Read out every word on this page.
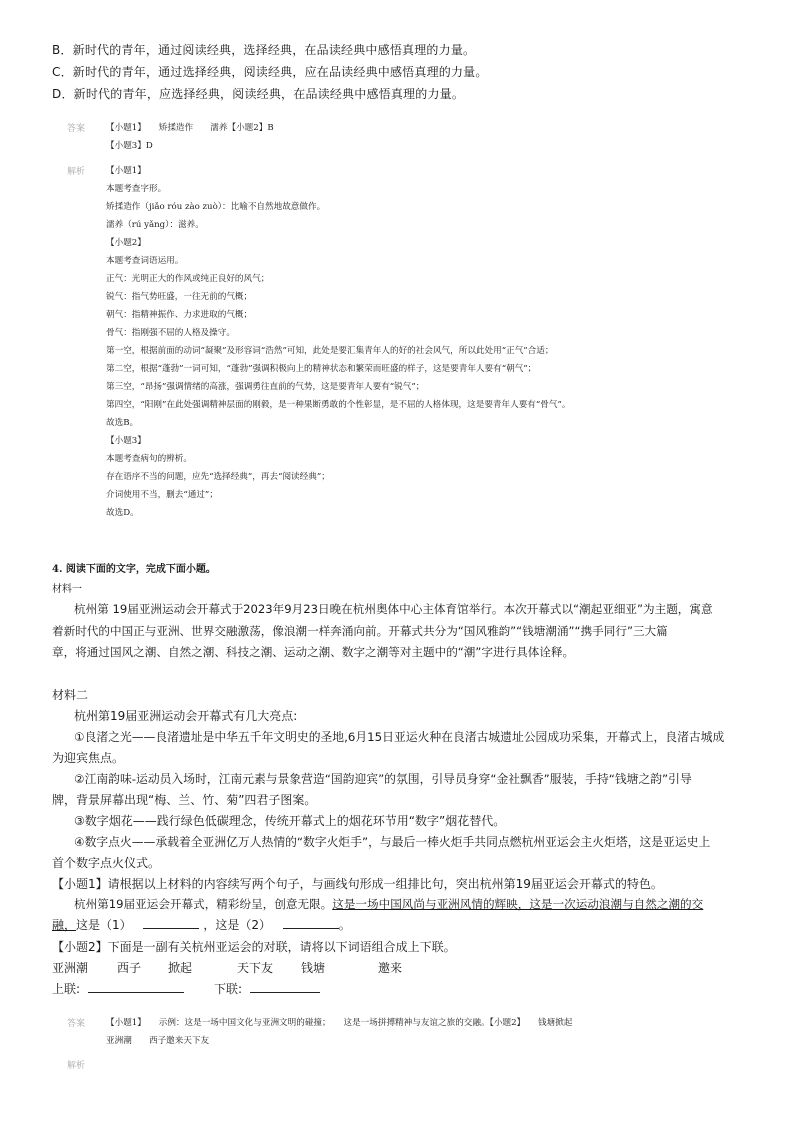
B．新时代的青年，通过阅读经典，选择经典，在品读经典中感悟真理的力量。
C．新时代的青年，通过选择经典，阅读经典，应在品读经典中感悟真理的力量。
D．新时代的青年，应选择经典，阅读经典，在品读经典中感悟真理的力量。
答案 【小题1】　　矫揉造作　　濡养【小题2】B
【小题3】D
解析 【小题1】
本题考查字形。
矫揉造作（jiǎo róu zào zuò）：比喻不自然地故意做作。
濡养（rú yǎng）：滋养。
【小题2】
本题考查词语运用。
正气：光明正大的作风或纯正良好的风气；
锐气：指气势旺盛，一往无前的气概；
朝气：指精神振作、力求进取的气概；
骨气：指刚强不屈的人格及操守。
第一空，根据前面的动词“凝聚”及形容词“浩然”可知，此处是要汇集青年人的好的社会风气，所以此处用“正气”合适；
第二空，根据“蓬勃”一词可知，“蓬勃”强调积极向上的精神状态和繁荣而旺盛的样子，这是要青年人要有“朝气”；
第三空，“昂扬”强调情绪的高涨，强调勇往直前的气势，这是要青年人要有“锐气”；
第四空，“阳刚”在此处强调精神层面的刚毅，是一种果断勇敢的个性彰显，是不屈的人格体现，这是要青年人要有“骨气”。
故选B。
【小题3】
本题考查病句的辨析。
存在语序不当的问题，应先“选择经典”，再去“阅读经典”；
介词使用不当，删去“通过”；
故选D。
4. 阅读下面的文字，完成下面小题。
材料一
杭州第 19届亚洲运动会开幕式于2023年9月23日晚在杭州奥体中心主体育馆举行。本次开幕式以“潮起亚细亚”为主题，寓意
着新时代的中国正与亚洲、世界交融激荡，像浪潮一样奔涌向前。开幕式共分为“国风雅韵”“钱塘潮涌”“携手同行”三大篇
章，将通过国风之潮、自然之潮、科技之潮、运动之潮、数字之潮等对主题中的“潮”字进行具体诠释。
材料二
杭州第19届亚洲运动会开幕式有几大亮点:
①良渚之光——良渚遗址是中华五千年文明史的圣地,6月15日亚运火种在良渚古城遗址公园成功采集，开幕式上，良渚古城成
为迎宾焦点。
②江南韵味-运动员入场时，江南元素与景象营造“国韵迎宾”的氛围，引导员身穿“金社飘香”服装，手持“钱塘之韵”引导
牌，背景屏幕出现“梅、兰、竹、菊”四君子图案。
③数字烟花——践行绿色低碳理念，传统开幕式上的烟花环节用“数字”烟花替代。
④数字点火——承载着全亚洲亿万人热情的“数字火炬手”，与最后一棒火炬手共同点燃杭州亚运会主火炬塔，这是亚运史上
首个数字点火仪式。
【小题1】请根据以上材料的内容续写两个句子，与画线句形成一组排比句，突出杭州第19届亚运会开幕式的特色。
杭州第19届亚运会开幕式，精彩纷呈，创意无限。这是一场中国风尚与亚洲风情的辉映，这是一次运动浪潮与自然之潮的交
融，这是（1）	，这是（2）	。
【小题2】下面是一副有关杭州亚运会的对联，请将以下词语组合成上下联。
亚洲潮 西子 掀起	天下友 钱塘	邀来
上联:	下联:
答案 【小题1】　　示例：这是一场中国文化与亚洲文明的碰撞；　　这是一场拼搏精神与友谊之旅的交融。【小题2】　　钱塘掀起
亚洲潮　　西子邀来天下友
解析
